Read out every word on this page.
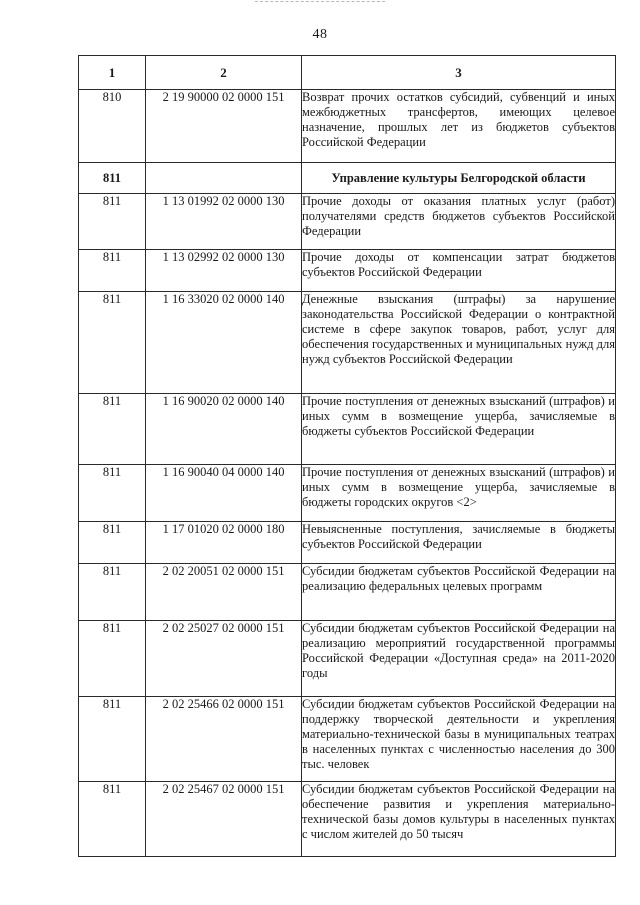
48
1	2	3
810	2 19 90000 02 0000 151	Возврат прочих остатков субсидий, субвенций и иных межбюджетных трансфертов, имеющих целевое назначение, прошлых лет из бюджетов субъектов Российской Федерации
811		Управление культуры Белгородской области
811	1 13 01992 02 0000 130	Прочие доходы от оказания платных услуг (работ) получателями средств бюджетов субъектов Российской Федерации
811	1 13 02992 02 0000 130	Прочие доходы от компенсации затрат бюджетов субъектов Российской Федерации
811	1 16 33020 02 0000 140	Денежные взыскания (штрафы) за нарушение законодательства Российской Федерации о контрактной системе в сфере закупок товаров, работ, услуг для обеспечения государственных и муниципальных нужд для нужд субъектов Российской Федерации
811	1 16 90020 02 0000 140	Прочие поступления от денежных взысканий (штрафов) и иных сумм в возмещение ущерба, зачисляемые в бюджеты субъектов Российской Федерации
811	1 16 90040 04 0000 140	Прочие поступления от денежных взысканий (штрафов) и иных сумм в возмещение ущерба, зачисляемые в бюджеты городских округов <2>
811	1 17 01020 02 0000 180	Невыясненные поступления, зачисляемые в бюджеты субъектов Российской Федерации
811	2 02 20051 02 0000 151	Субсидии бюджетам субъектов Российской Федерации на реализацию федеральных целевых программ
811	2 02 25027 02 0000 151	Субсидии бюджетам субъектов Российской Федерации на реализацию мероприятий государственной программы Российской Федерации «Доступная среда» на 2011-2020 годы
811	2 02 25466 02 0000 151	Субсидии бюджетам субъектов Российской Федерации на поддержку творческой деятельности и укрепления материально-технической базы в муниципальных театрах в населенных пунктах с численностью населения до 300 тыс. человек
811	2 02 25467 02 0000 151	Субсидии бюджетам субъектов Российской Федерации на обеспечение развития и укрепления материально-технической базы домов культуры в населенных пунктах с числом жителей до 50 тысяч
